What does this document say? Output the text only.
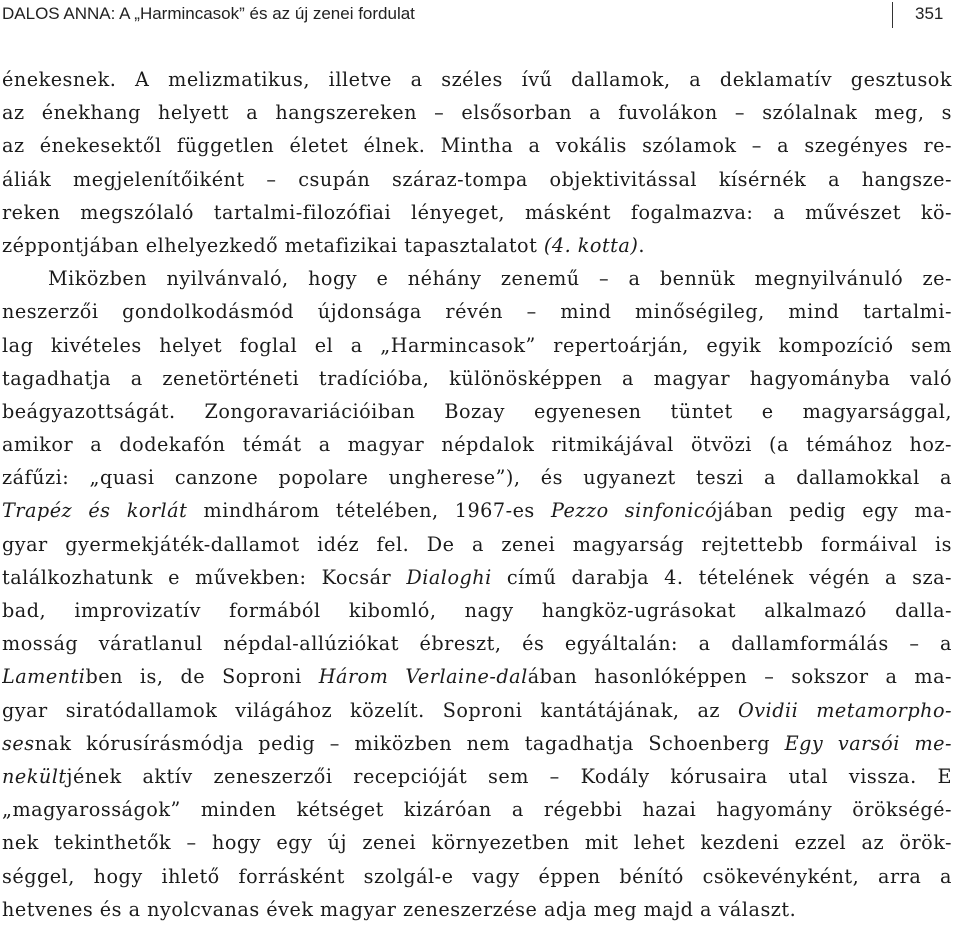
DALOS ANNA: A „Harmincasok” és az új zenei fordulat	351
énekesnek. A melizmatikus, illetve a széles ívű dallamok, a deklamatív gesztusok
az énekhang helyett a hangszereken – elsősorban a fuvolákon – szólalnak meg, s
az énekesektől független életet élnek. Mintha a vokális szólamok – a szegényes re-
áliák megjelenítőiként – csupán száraz-tompa objektivitással kísérnék a hangsze-
reken megszólaló tartalmi-filozófiai lényeget, másként fogalmazva: a művészet kö-
zéppontjában elhelyezkedő metafizikai tapasztalatot (4. kotta).
Miközben nyilvánvaló, hogy e néhány zenemű – a bennük megnyilvánuló ze-
neszerzői gondolkodásmód újdonsága révén – mind minőségileg, mind tartalmi-
lag kivételes helyet foglal el a „Harmincasok” repertoárján, egyik kompozíció sem
tagadhatja a zenetörténeti tradícióba, különösképpen a magyar hagyományba való
beágyazottságát. Zongoravariációiban Bozay egyenesen tüntet e magyarsággal,
amikor a dodekafón témát a magyar népdalok ritmikájával ötvözi (a témához hoz-
záfűzi: „quasi canzone popolare ungherese”), és ugyanezt teszi a dallamokkal a
Trapéz és korlát mindhárom tételében, 1967-es Pezzo sinfonicójában pedig egy ma-
gyar gyermekjáték-dallamot idéz fel. De a zenei magyarság rejtettebb formáival is
találkozhatunk e művekben: Kocsár Dialoghi című darabja 4. tételének végén a sza-
bad, improvizatív formából kibomló, nagy hangköz-ugrásokat alkalmazó dalla-
mosság váratlanul népdal-allúziókat ébreszt, és egyáltalán: a dallamformálás – a
Lamentiben is, de Soproni Három Verlaine-dalában hasonlóképpen – sokszor a ma-
gyar siratódallamok világához közelít. Soproni kantátájának, az Ovidii metamorpho-
sesnak kórusírásmódja pedig – miközben nem tagadhatja Schoenberg Egy varsói me-
nekültjének aktív zeneszerzői recepcióját sem – Kodály kórusaira utal vissza. E
„magyarosságok” minden kétséget kizáróan a régebbi hazai hagyomány örökségé-
nek tekinthetők – hogy egy új zenei környezetben mit lehet kezdeni ezzel az örök-
séggel, hogy ihlető forrásként szolgál-e vagy éppen bénító csökevényként, arra a
hetvenes és a nyolcvanas évek magyar zeneszerzése adja meg majd a választ.
